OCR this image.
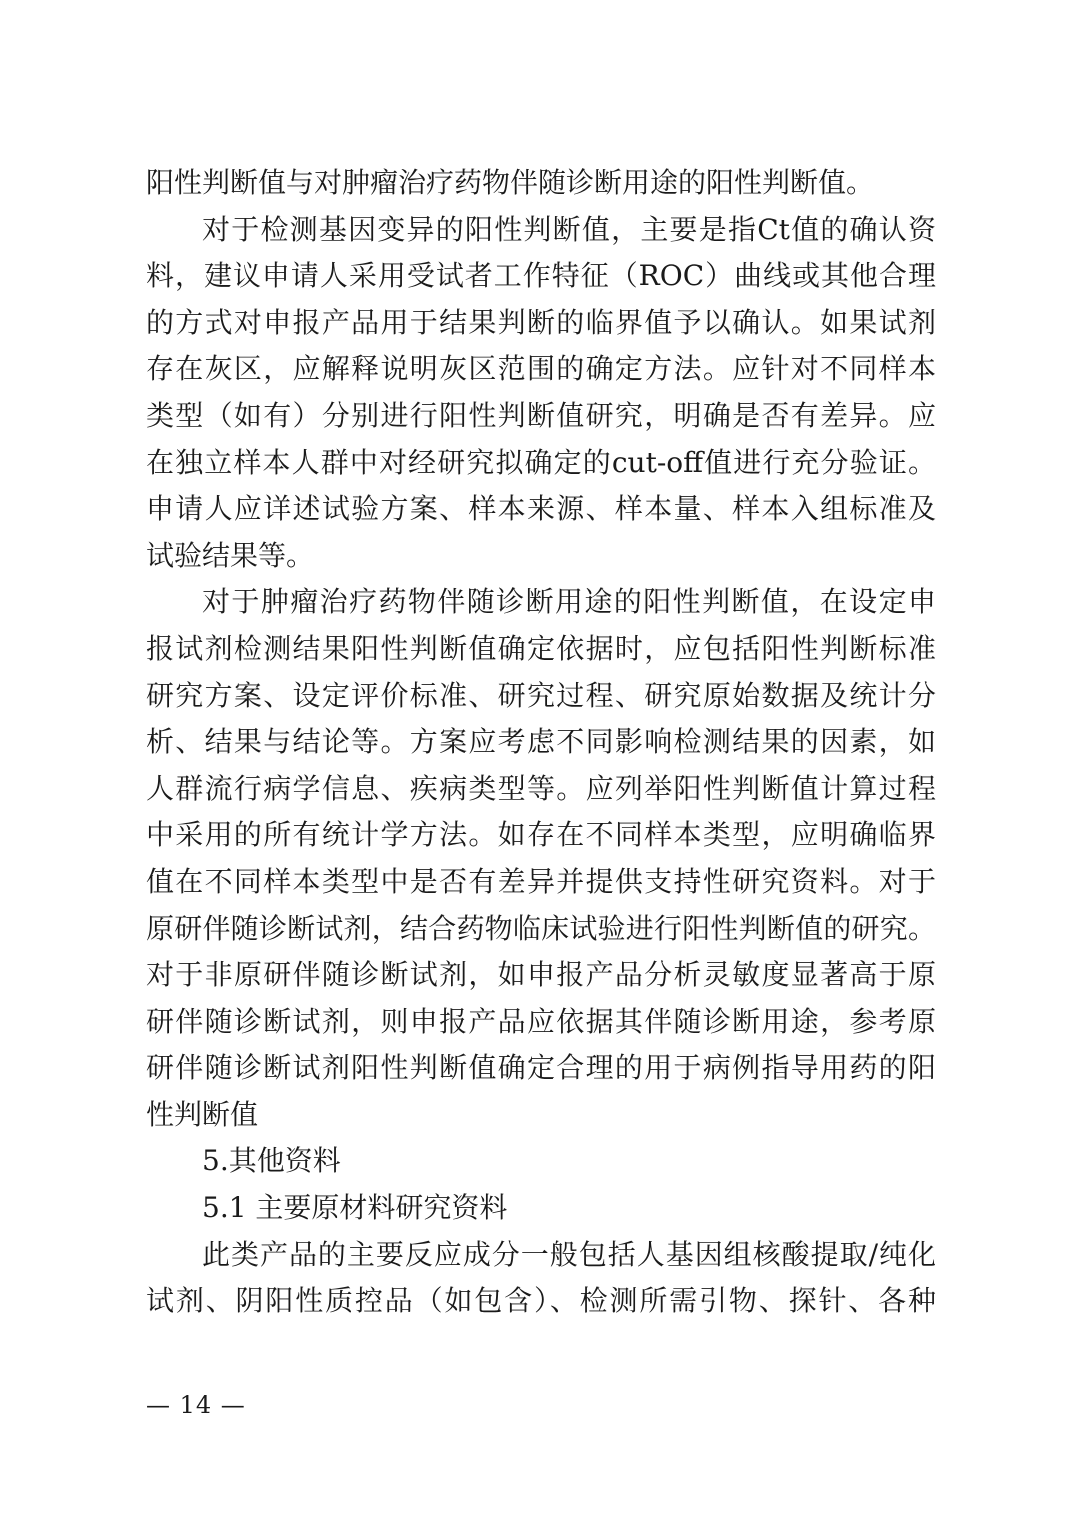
阳性判断值与对肿瘤治疗药物伴随诊断用途的阳性判断值。
对于检测基因变异的阳性判断值，主要是指Ct值的确认资
料，建议申请人采用受试者工作特征（ROC）曲线或其他合理
的方式对申报产品用于结果判断的临界值予以确认。如果试剂
存在灰区，应解释说明灰区范围的确定方法。应针对不同样本
类型（如有）分别进行阳性判断值研究，明确是否有差异。应
在独立样本人群中对经研究拟确定的cut-off值进行充分验证。
申请人应详述试验方案、样本来源、样本量、样本入组标准及
试验结果等。
对于肿瘤治疗药物伴随诊断用途的阳性判断值，在设定申
报试剂检测结果阳性判断值确定依据时，应包括阳性判断标准
研究方案、设定评价标准、研究过程、研究原始数据及统计分
析、结果与结论等。方案应考虑不同影响检测结果的因素，如
人群流行病学信息、疾病类型等。应列举阳性判断值计算过程
中采用的所有统计学方法。如存在不同样本类型，应明确临界
值在不同样本类型中是否有差异并提供支持性研究资料。对于
原研伴随诊断试剂，结合药物临床试验进行阳性判断值的研究。
对于非原研伴随诊断试剂，如申报产品分析灵敏度显著高于原
研伴随诊断试剂，则申报产品应依据其伴随诊断用途，参考原
研伴随诊断试剂阳性判断值确定合理的用于病例指导用药的阳
性判断值
5.其他资料
5.1 主要原材料研究资料
此类产品的主要反应成分一般包括人基因组核酸提取/纯化
试剂、阴阳性质控品（如包含）、检测所需引物、探针、各种
— 14 —
